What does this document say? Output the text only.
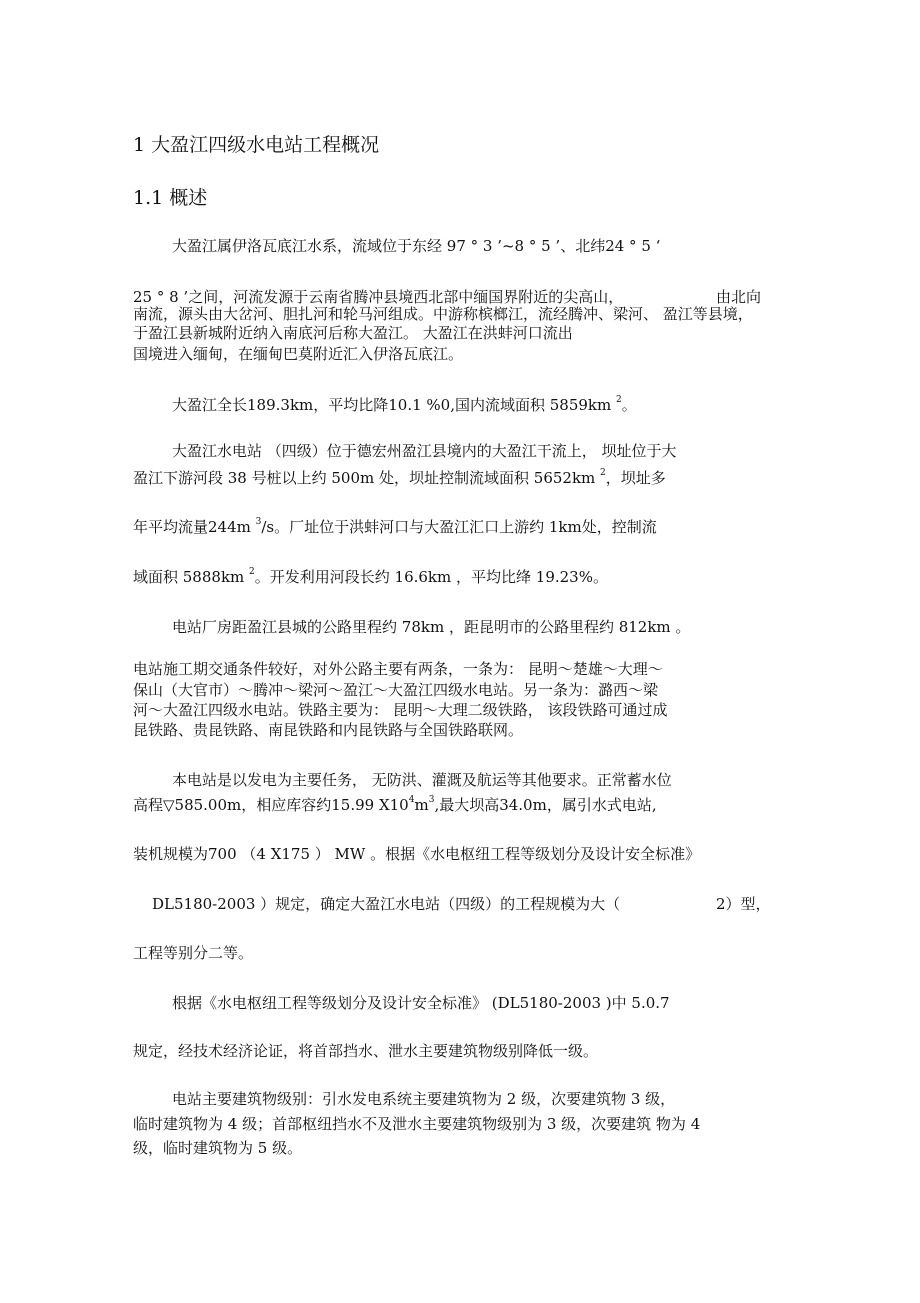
1 大盈江四级水电站工程概况
1.1 概述
大盈江属伊洛瓦底江水系，流域位于东经 97 ° 3 ’~8 ° 5 ’、北纬24 ° 5 ‘
25 ° 8 ’之间，河流发源于云南省腾冲县境西北部中缅国界附近的尖高山，	由北向
南流，源头由大岔河、胆扎河和轮马河组成。中游称槟榔江，流经腾冲、梁河、 盈江等县境，
于盈江县新城附近纳入南底河后称大盈江。 大盈江在洪蚌河口流出
国境进入缅甸，在缅甸巴莫附近汇入伊洛瓦底江。
大盈江全长189.3km，平均比降10.1 %0,国内流域面积 5859km $^2$。
大盈江水电站 （四级）位于德宏州盈江县境内的大盈江干流上， 坝址位于大
盈江下游河段 38 号桩以上约 500m 处，坝址控制流域面积 5652km $^2$，坝址多
年平均流量244m $^3$/s。厂址位于洪蚌河口与大盈江汇口上游约 1km处，控制流
域面积 5888km $^2$。开发利用河段长约 16.6km ，平均比绛 19.23%。
电站厂房距盈江县城的公路里程约 78km ，距昆明市的公路里程约 812km 。
电站施工期交通条件较好，对外公路主要有两条，一条为： 昆明～楚雄～大理～
保山（大官市）～腾冲～梁河～盈江～大盈江四级水电站。另一条为：潞西～梁
河～大盈江四级水电站。铁路主要为： 昆明～大理二级铁路， 该段铁路可通过成
昆铁路、贵昆铁路、南昆铁路和内昆铁路与全国铁路联网。
本电站是以发电为主要任务， 无防洪、灌溉及航运等其他要求。正常蓄水位
高程▽585.00m，相应库容约15.99 $X10^4m^3$,最大坝高34.0m，属引水式电站,
装机规模为700 （4 X175 ） MW 。根据《水电枢纽工程等级划分及设计安全标准》
DL5180-2003 ）规定，确定大盈江水电站（四级）的工程规模为大（	2）型，
工程等别分二等。
根据《水电枢纽工程等级划分及设计安全标准》 (DL5180-2003 )中 5.0.7
规定，经技术经济论证，将首部挡水、泄水主要建筑物级别降低一级。
电站主要建筑物级别：引水发电系统主要建筑物为 2 级，次要建筑物 3 级，
临时建筑物为 4 级；首部枢纽挡水不及泄水主要建筑物级别为 3 级，次要建筑 物为 4
级，临时建筑物为 5 级。
